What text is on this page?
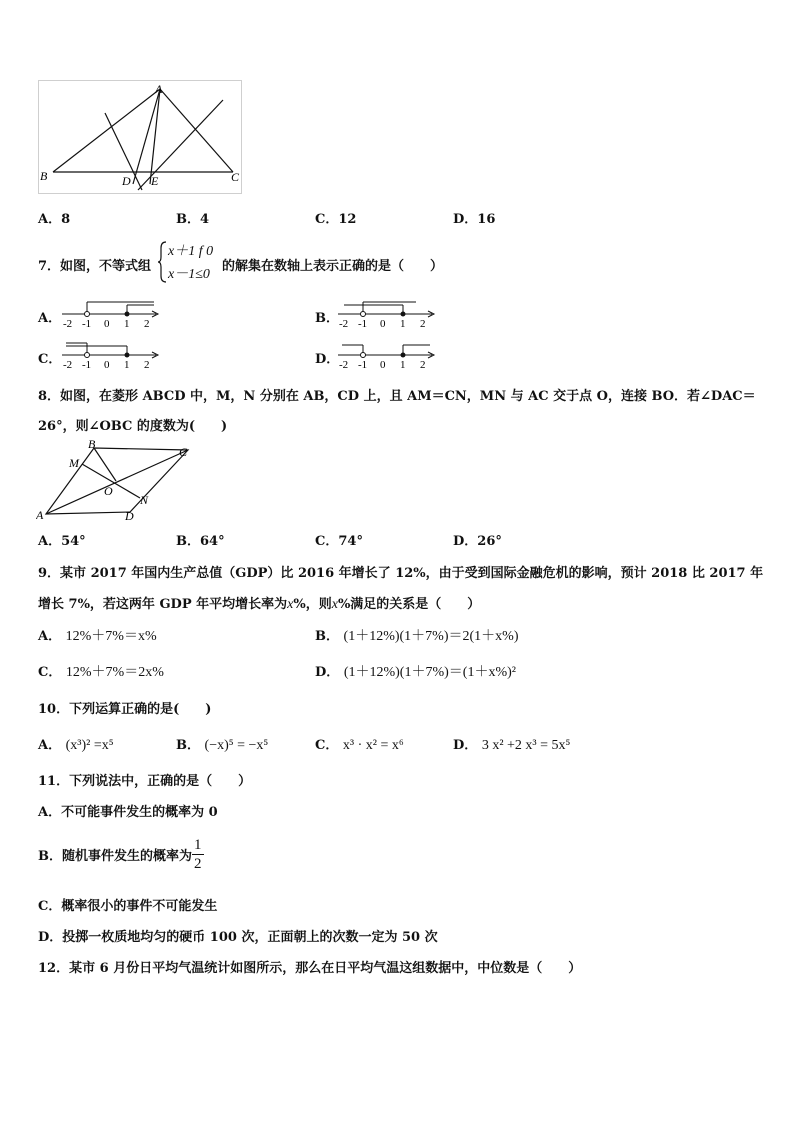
A
B	C
D E
A．8	B．4	C．12	D．16
7．如图，不等式组
x＋1 f 0
x－1≤0
的解集在数轴上表示正确的是（　　）
A． -2 -1 0 1 2	B． -2 -1 0 1 2
C． -2 -1 0 1 2	D． -2 -1 0 1 2
8．如图，在菱形 ABCD 中，M，N 分别在 AB，CD 上，且 AM＝CN，MN 与 AC 交于点 O，连接 BO．若∠DAC＝
26°，则∠OBC 的度数为(　　)
A
B
C
D
M
N
O
A．54°	B．64°	C．74°	D．26°
9．某市 2017 年国内生产总值（GDP）比 2016 年增长了 12%，由于受到国际金融危机的影响，预计 2018 比 2017 年
增长 7%，若这两年 GDP 年平均增长率为x%，则x%满足的关系是（　　）
A． 12%＋7%＝x%	B． (1＋12%)(1＋7%)＝2(1＋x%)
C． 12%＋7%＝2x%	D． (1＋12%)(1＋7%)＝(1＋x%)²
10．下列运算正确的是(　　)
A． (x³)² =x⁵	B． (−x)⁵ = −x⁵	C． x³ · x² = x⁶	D． 3 x² +2 x³ = 5x⁵
11．下列说法中，正确的是（　　）
A．不可能事件发生的概率为 0
B．随机事件发生的概率为 $\frac{1}{2}$
C．概率很小的事件不可能发生
D．投掷一枚质地均匀的硬币 100 次，正面朝上的次数一定为 50 次
12．某市 6 月份日平均气温统计如图所示，那么在日平均气温这组数据中，中位数是（　　）
